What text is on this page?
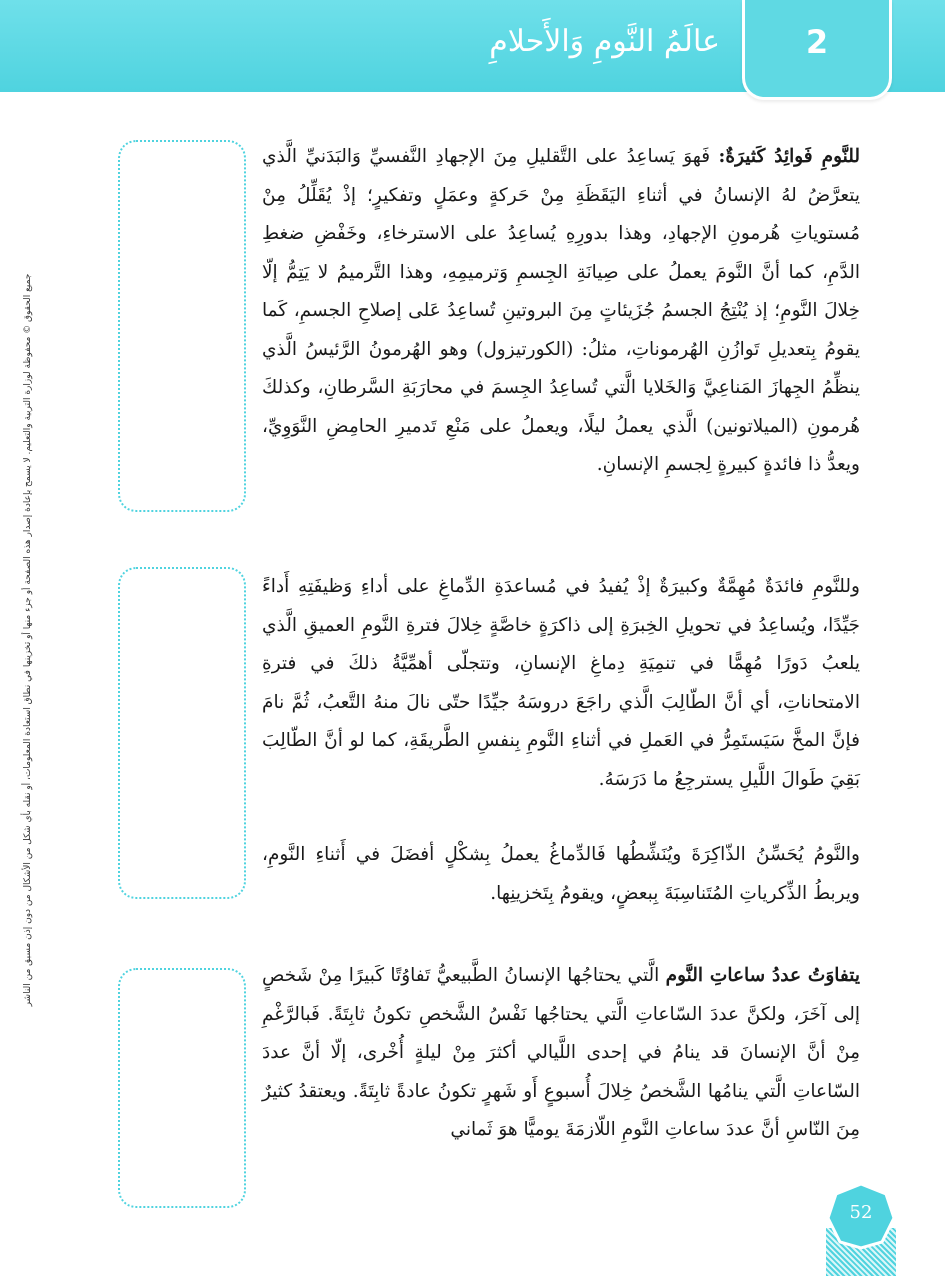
عالَمُ النَّومِ وَالأَحلامِ	2
جميع الحقوق © محفوظة لوزارة التربية والتعليم. لا يسمح بإعادة إصدار هذه الصفحة أو جزء منها أو تخزينها في نطاق استعادة المعلومات، أو نقله بأي شكل من الأشكال من دون إذن مسبق من الناشر

للنَّومِ فَوائِدُ كَثيرَةٌ: فَهوَ يَساعِدُ على التَّقليلِ مِنَ الإجهادِ النَّفسيِّ وَالبَدَنيِّ الَّذي يتعرَّضُ لهُ الإنسانُ في أثناءِ اليَقَظَةِ مِنْ حَركةٍ وعمَلٍ وتفكيرٍ؛ إذْ يُقَلِّلُ مِنْ مُستوياتِ هُرمونِ الإجهادِ، وهذا بدورِهِ يُساعِدُ على الاسترخاءِ، وخَفْضِ ضغطِ الدَّمِ، كما أنَّ النَّومَ يعملُ على صِيانَةِ الجِسمِ وَترميمِهِ، وهذا التَّرميمُ لا يَتِمُّ إلّا خِلالَ النَّومِ؛ إذ يُنْتِجُ الجسمُ جُزَيئاتٍ مِنَ البروتينِ تُساعِدُ عَلى إصلاحِ الجسمِ، كَما يقومُ بِتعديلِ تَوازُنِ الهُرموناتِ، مثلُ: (الكورتيزول) وهو الهُرمونُ الرَّئيسُ الَّذي ينظِّمُ الجِهازَ المَناعِيَّ وَالخَلايا الَّتي تُساعِدُ الجِسمَ في محارَبَةِ السَّرطانِ، وكذلكَ هُرمونِ (الميلاتونين) الَّذي يعملُ ليلًا، ويعملُ على مَنْعِ تَدميرِ الحامِضِ النَّوَوِيِّ، ويعدُّ ذا فائدةٍ كبيرةٍ لِجسمِ الإنسانِ.

وللنَّومِ فائدَةٌ مُهِمَّةٌ وكبيرَةٌ إذْ يُفيدُ في مُساعدَةِ الدِّماغِ على أداءِ وَظيفَتِهِ أَداءً جَيِّدًا، ويُساعِدُ في تحويلِ الخِبرَةِ إلى ذاكرَةٍ خاصَّةٍ خِلالَ فترةِ النَّومِ العميقِ الَّذي يلعبُ دَورًا مُهِمًّا في تنمِيَةِ دِماغِ الإنسانِ، وتتجلّى أهمِّيَّةُ ذلكَ في فترةِ الامتحاناتِ، أي أنَّ الطّالِبَ الَّذي راجَعَ دروسَهُ جيِّدًا حتّى نالَ منهُ التَّعبُ، ثُمَّ نامَ فإنَّ المخَّ سَيَستَمِرُّ في العَملِ في أثناءِ النَّومِ بِنفسِ الطَّريقَةِ، كما لو أنَّ الطّالِبَ بَقِيَ طَوالَ اللَّيلِ يسترجِعُ ما دَرَسَهُ.

والنَّومُ يُحَسِّنُ الذّاكِرَةَ ويُنَشِّطُها فَالدِّماغُ يعملُ بِشكْلٍ أفضَلَ في أَثناءِ النَّومِ، ويربطُ الذِّكرياتِ المُتَناسِبَةَ بِبعضٍ، ويقومُ بِتَخزينِها.

يتفاوَتُ عددُ ساعاتِ النَّوم الَّتي يحتاجُها الإنسانُ الطَّبيعيُّ تَفاوُتًا كَبيرًا مِنْ شَخصٍ إلى آخَرَ، ولكنَّ عددَ السّاعاتِ الَّتي يحتاجُها نَفْسُ الشَّخصِ تكونُ ثابِتَةً. فَبالرَّغْمِ مِنْ أنَّ الإنسانَ قد ينامُ في إحدى اللَّيالي أكثرَ مِنْ ليلةٍ أُخْرى، إلّا أنَّ عددَ السّاعاتِ الَّتي ينامُها الشَّخصُ خِلالَ أُسبوعٍ أَو شَهرٍ تكونُ عادةً ثابِتَةً. ويعتقدُ كثيرٌ مِنَ النّاسِ أنَّ عددَ ساعاتِ النَّومِ اللّازمَةَ يوميًّا هوَ ثَماني

52
